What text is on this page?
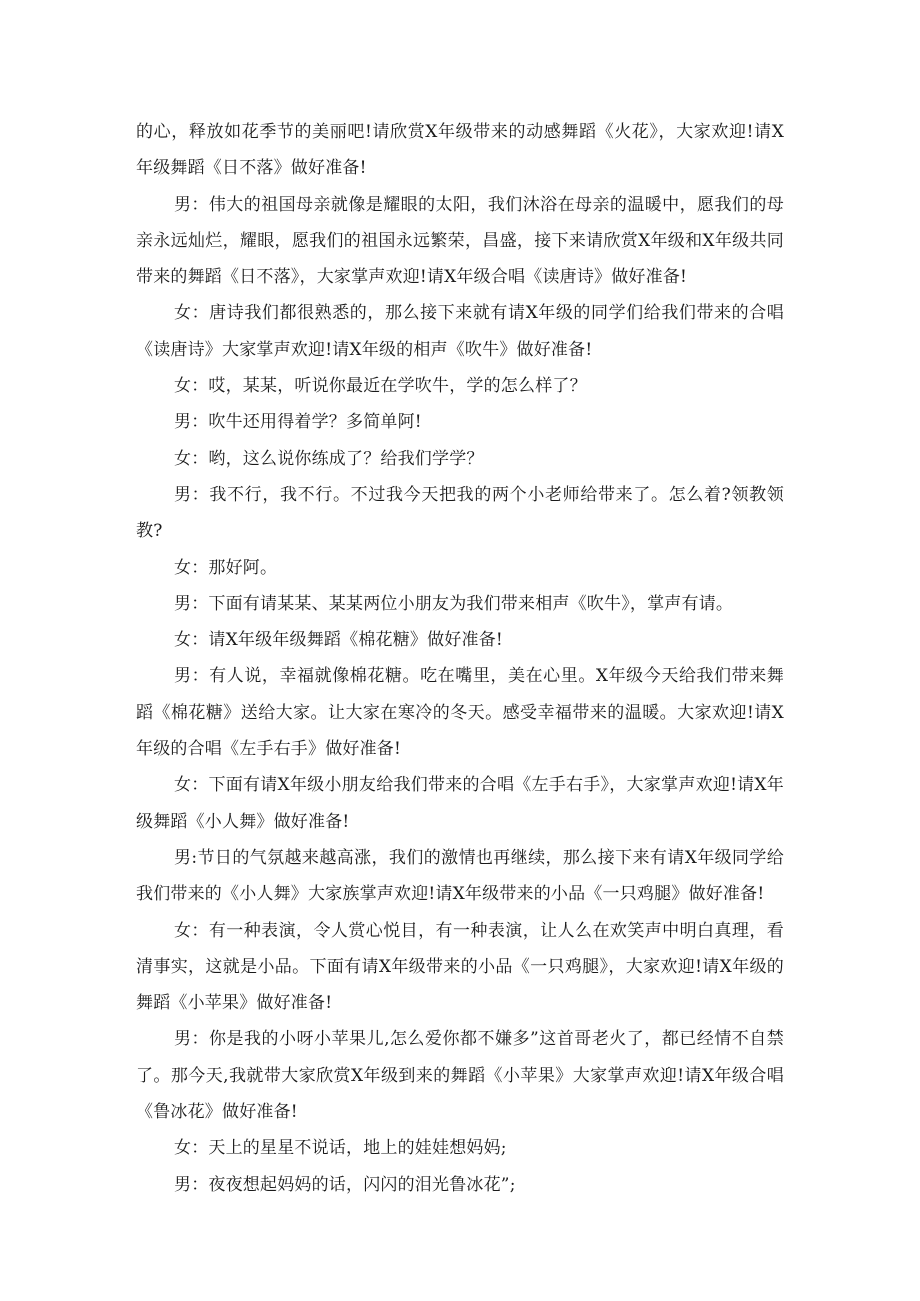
的心，释放如花季节的美丽吧!请欣赏X年级带来的动感舞蹈《火花》，大家欢迎!请X年级舞蹈《日不落》做好准备!

男：伟大的祖国母亲就像是耀眼的太阳，我们沐浴在母亲的温暖中，愿我们的母亲永远灿烂，耀眼，愿我们的祖国永远繁荣，昌盛，接下来请欣赏X年级和X年级共同带来的舞蹈《日不落》，大家掌声欢迎!请X年级合唱《读唐诗》做好准备!

女：唐诗我们都很熟悉的，那么接下来就有请X年级的同学们给我们带来的合唱《读唐诗》大家掌声欢迎!请X年级的相声《吹牛》做好准备!

女：哎，某某，听说你最近在学吹牛，学的怎么样了？

男：吹牛还用得着学？多简单阿!

女：哟，这么说你练成了？给我们学学？

男：我不行，我不行。不过我今天把我的两个小老师给带来了。怎么着?领教领教?

女：那好阿。

男：下面有请某某、某某两位小朋友为我们带来相声《吹牛》，掌声有请。

女：请X年级年级舞蹈《棉花糖》做好准备!

男：有人说，幸福就像棉花糖。吃在嘴里，美在心里。X年级今天给我们带来舞蹈《棉花糖》送给大家。让大家在寒冷的冬天。感受幸福带来的温暖。大家欢迎!请X年级的合唱《左手右手》做好准备!

女：下面有请X年级小朋友给我们带来的合唱《左手右手》，大家掌声欢迎!请X年级舞蹈《小人舞》做好准备!

男:节日的气氛越来越高涨，我们的激情也再继续，那么接下来有请X年级同学给我们带来的《小人舞》大家族掌声欢迎!请X年级带来的小品《一只鸡腿》做好准备!

女：有一种表演，令人赏心悦目，有一种表演，让人么在欢笑声中明白真理，看清事实，这就是小品。下面有请X年级带来的小品《一只鸡腿》，大家欢迎!请X年级的舞蹈《小苹果》做好准备!

男：你是我的小呀小苹果儿,怎么爱你都不嫌多”这首哥老火了，都已经情不自禁了。那今天,我就带大家欣赏X年级到来的舞蹈《小苹果》大家掌声欢迎!请X年级合唱《鲁冰花》做好准备!

女：天上的星星不说话，地上的娃娃想妈妈;

男：夜夜想起妈妈的话，闪闪的泪光鲁冰花”;
